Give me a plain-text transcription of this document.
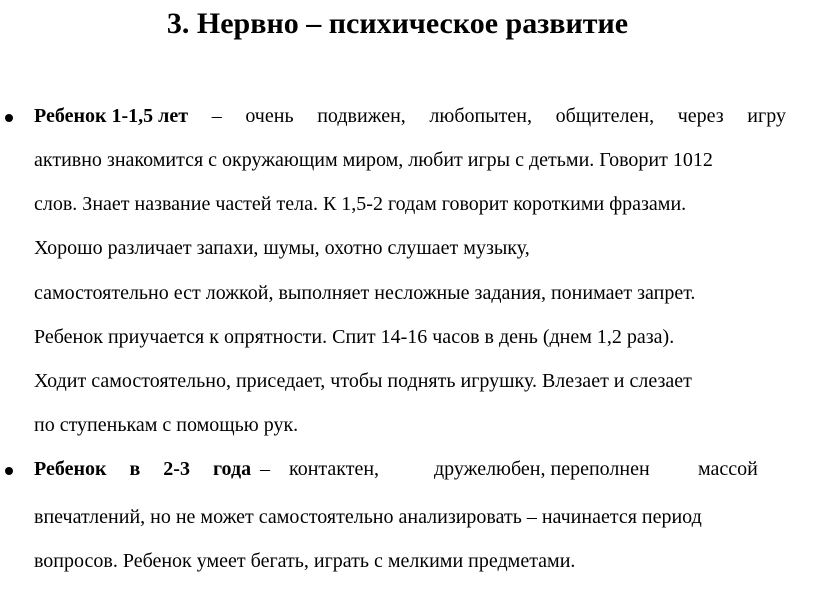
3. Нервно – психическое развитие
Ребенок 1-1,5 лет – очень подвижен, любопытен, общителен, через игру
активно знакомится с окружающим миром, любит игры с детьми. Говорит 1012
слов. Знает название частей тела. К 1,5-2 годам говорит короткими фразами.
Хорошо различает запахи, шумы, охотно слушает музыку,
самостоятельно ест ложкой, выполняет несложные задания, понимает запрет.
Ребенок приучается к опрятности. Спит 14-16 часов в день (днем 1,2 раза).
Ходит самостоятельно, приседает, чтобы поднять игрушку. Влезает и слезает
по ступенькам с помощью рук.
Ребенок в 2-3 года – контактен,	дружелюбен, переполнен массой
впечатлений, но не может самостоятельно анализировать – начинается период
вопросов. Ребенок умеет бегать, играть с мелкими предметами.
